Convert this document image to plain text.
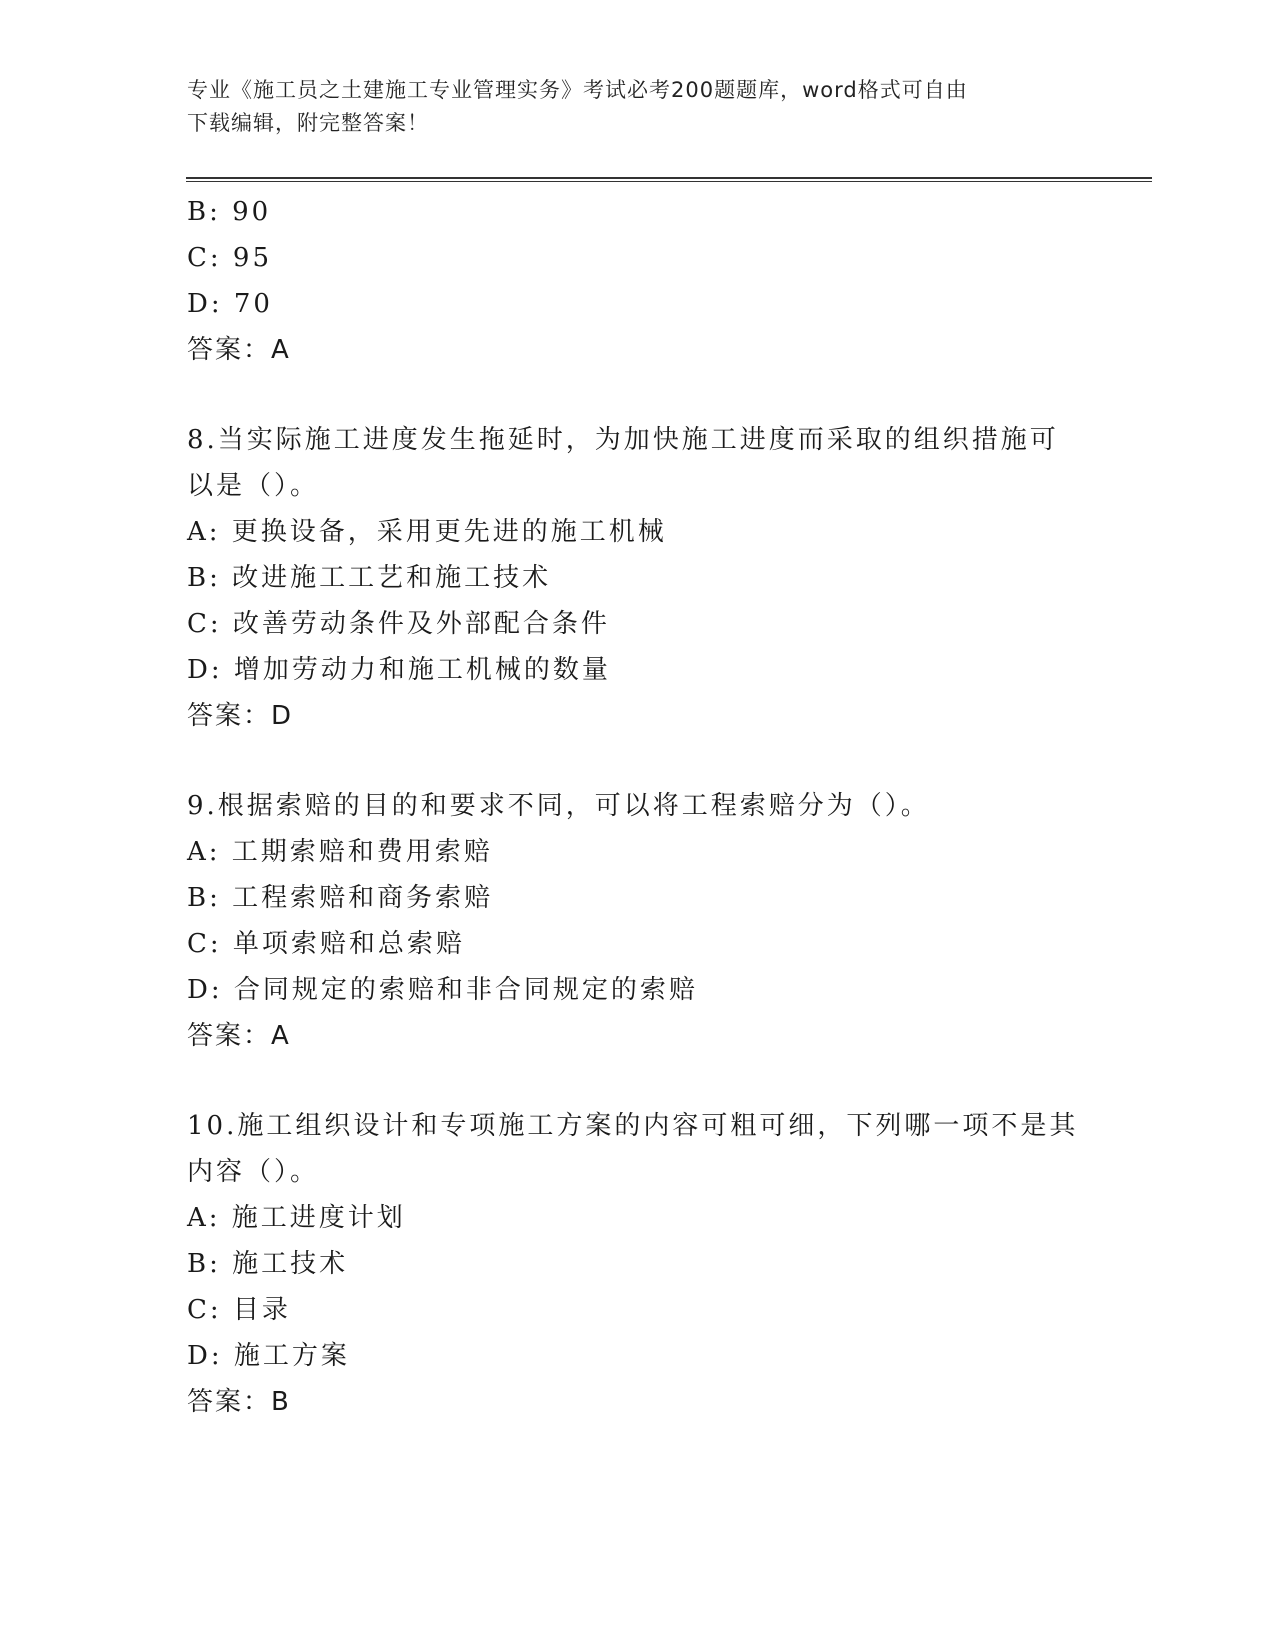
专业《施工员之土建施工专业管理实务》考试必考200题题库，word格式可自由
下载编辑，附完整答案！
B: 90
C: 95
D: 70
答案：A
8.当实际施工进度发生拖延时，为加快施工进度而采取的组织措施可
以是（）。
A: 更换设备，采用更先进的施工机械
B: 改进施工工艺和施工技术
C: 改善劳动条件及外部配合条件
D: 增加劳动力和施工机械的数量
答案：D
9.根据索赔的目的和要求不同，可以将工程索赔分为（）。
A: 工期索赔和费用索赔
B: 工程索赔和商务索赔
C: 单项索赔和总索赔
D: 合同规定的索赔和非合同规定的索赔
答案：A
10.施工组织设计和专项施工方案的内容可粗可细，下列哪一项不是其
内容（）。
A: 施工进度计划
B: 施工技术
C: 目录
D: 施工方案
答案：B
